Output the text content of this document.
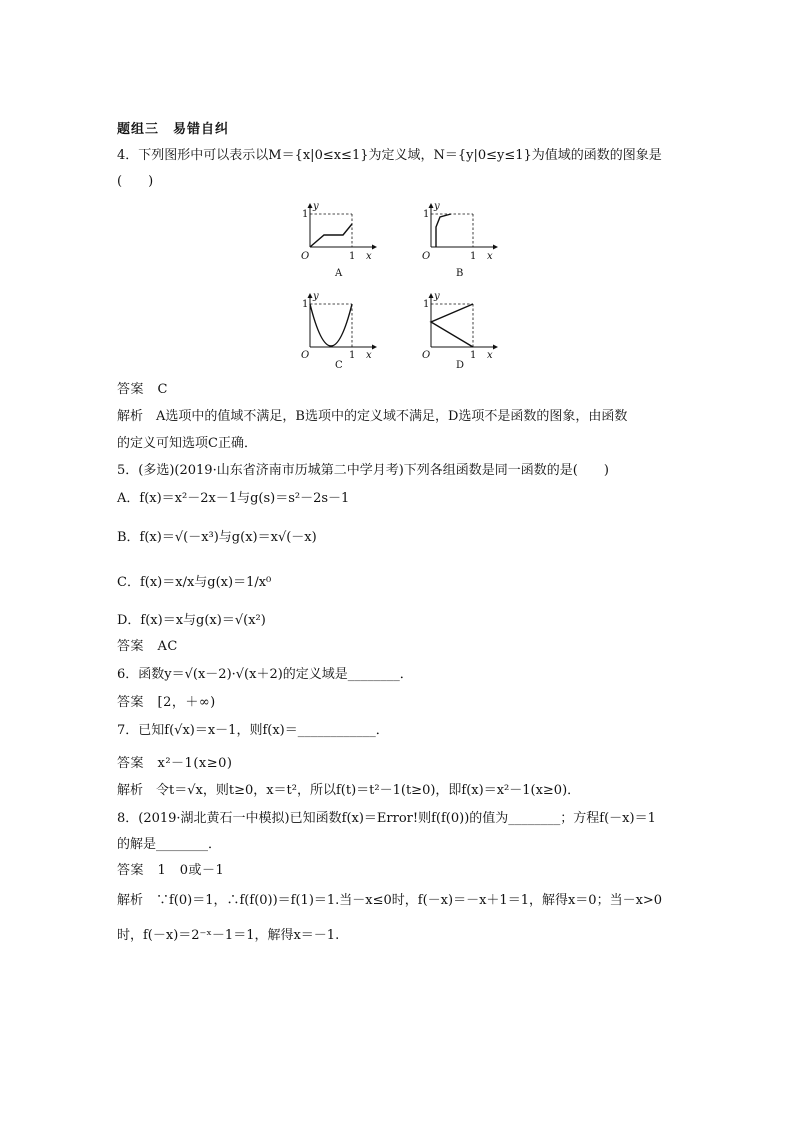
题组三　易错自纠
4．下列图形中可以表示以M＝{x|0≤x≤1}为定义域，N＝{y|0≤y≤1}为值域的函数的图象是
(　　)
y
1
O	1 x
A
y
1
O	1 x
B
y
1
O	1 x
C
y
1
O	1 x
D
答案　C
解析　A选项中的值域不满足，B选项中的定义域不满足，D选项不是函数的图象，由函数
的定义可知选项C正确．
5．(多选)(2019·山东省济南市历城第二中学月考)下列各组函数是同一函数的是(　　)
A．f(x)＝x²－2x－1与g(s)＝s²－2s－1
B．f(x)＝√(－x³)与g(x)＝x√(－x)
C．f(x)＝x/x与g(x)＝1/x⁰
D．f(x)＝x与g(x)＝√(x²)
答案　AC
6．函数y＝√(x－2)·√(x＋2)的定义域是________．
答案　[2，＋∞)
7．已知f(√x)＝x－1，则f(x)＝____________．
答案　x²－1(x≥0)
解析　令t＝√x，则t≥0，x＝t²，所以f(t)＝t²－1(t≥0)，即f(x)＝x²－1(x≥0)．
8．(2019·湖北黄石一中模拟)已知函数f(x)＝Error!则f(f(0))的值为________；方程f(－x)＝1
的解是________．
答案　1　0或－1
解析　∵f(0)＝1，∴f(f(0))＝f(1)＝1.当－x≤0时，f(－x)＝－x＋1＝1，解得x＝0；当－x>0
时，f(－x)＝2⁻ˣ－1＝1，解得x＝－1.
